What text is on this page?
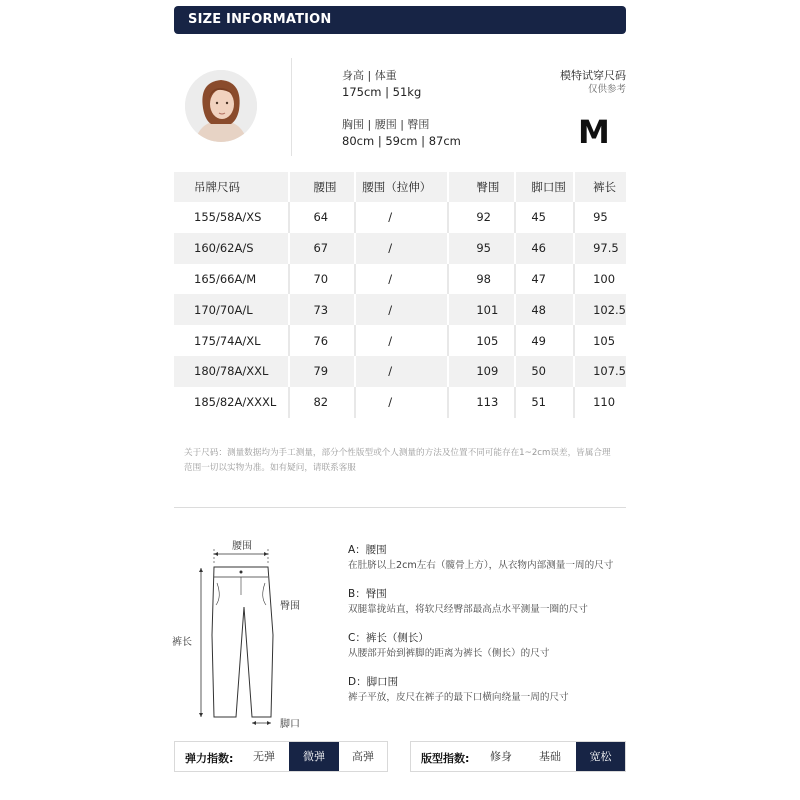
SIZE INFORMATION
身高 | 体重
175cm | 51kg
胸围 | 腰围 | 臀围
80cm | 59cm | 87cm
模特试穿尺码
仅供参考
M
吊牌尺码	腰围	腰围（拉伸）	臀围	脚口围	裤长
155/58A/XS	64	/	92	45	95
160/62A/S	67	/	95	46	97.5
165/66A/M	70	/	98	47	100
170/70A/L	73	/	101	48	102.5
175/74A/XL	76	/	105	49	105
180/78A/XXL	79	/	109	50	107.5
185/82A/XXXL	82	/	113	51	110
关于尺码：测量数据均为手工测量，部分个性版型或个人测量的方法及位置不同可能存在1~2cm误差，皆属合理
范围一切以实物为准。如有疑问，请联系客服
腰围
臀围
裤长
脚口
A：腰围
在肚脐以上2cm左右（髋骨上方），从衣物内部测量一周的尺寸
B：臀围
双腿靠拢站直，将软尺经臀部最高点水平测量一圈的尺寸
C：裤长（侧长）
从腰部开始到裤脚的距离为裤长（侧长）的尺寸
D：脚口围
裤子平放，皮尺在裤子的最下口横向绕量一周的尺寸
弹力指数:	无弹	微弹	高弹	版型指数:	修身	基础	宽松
